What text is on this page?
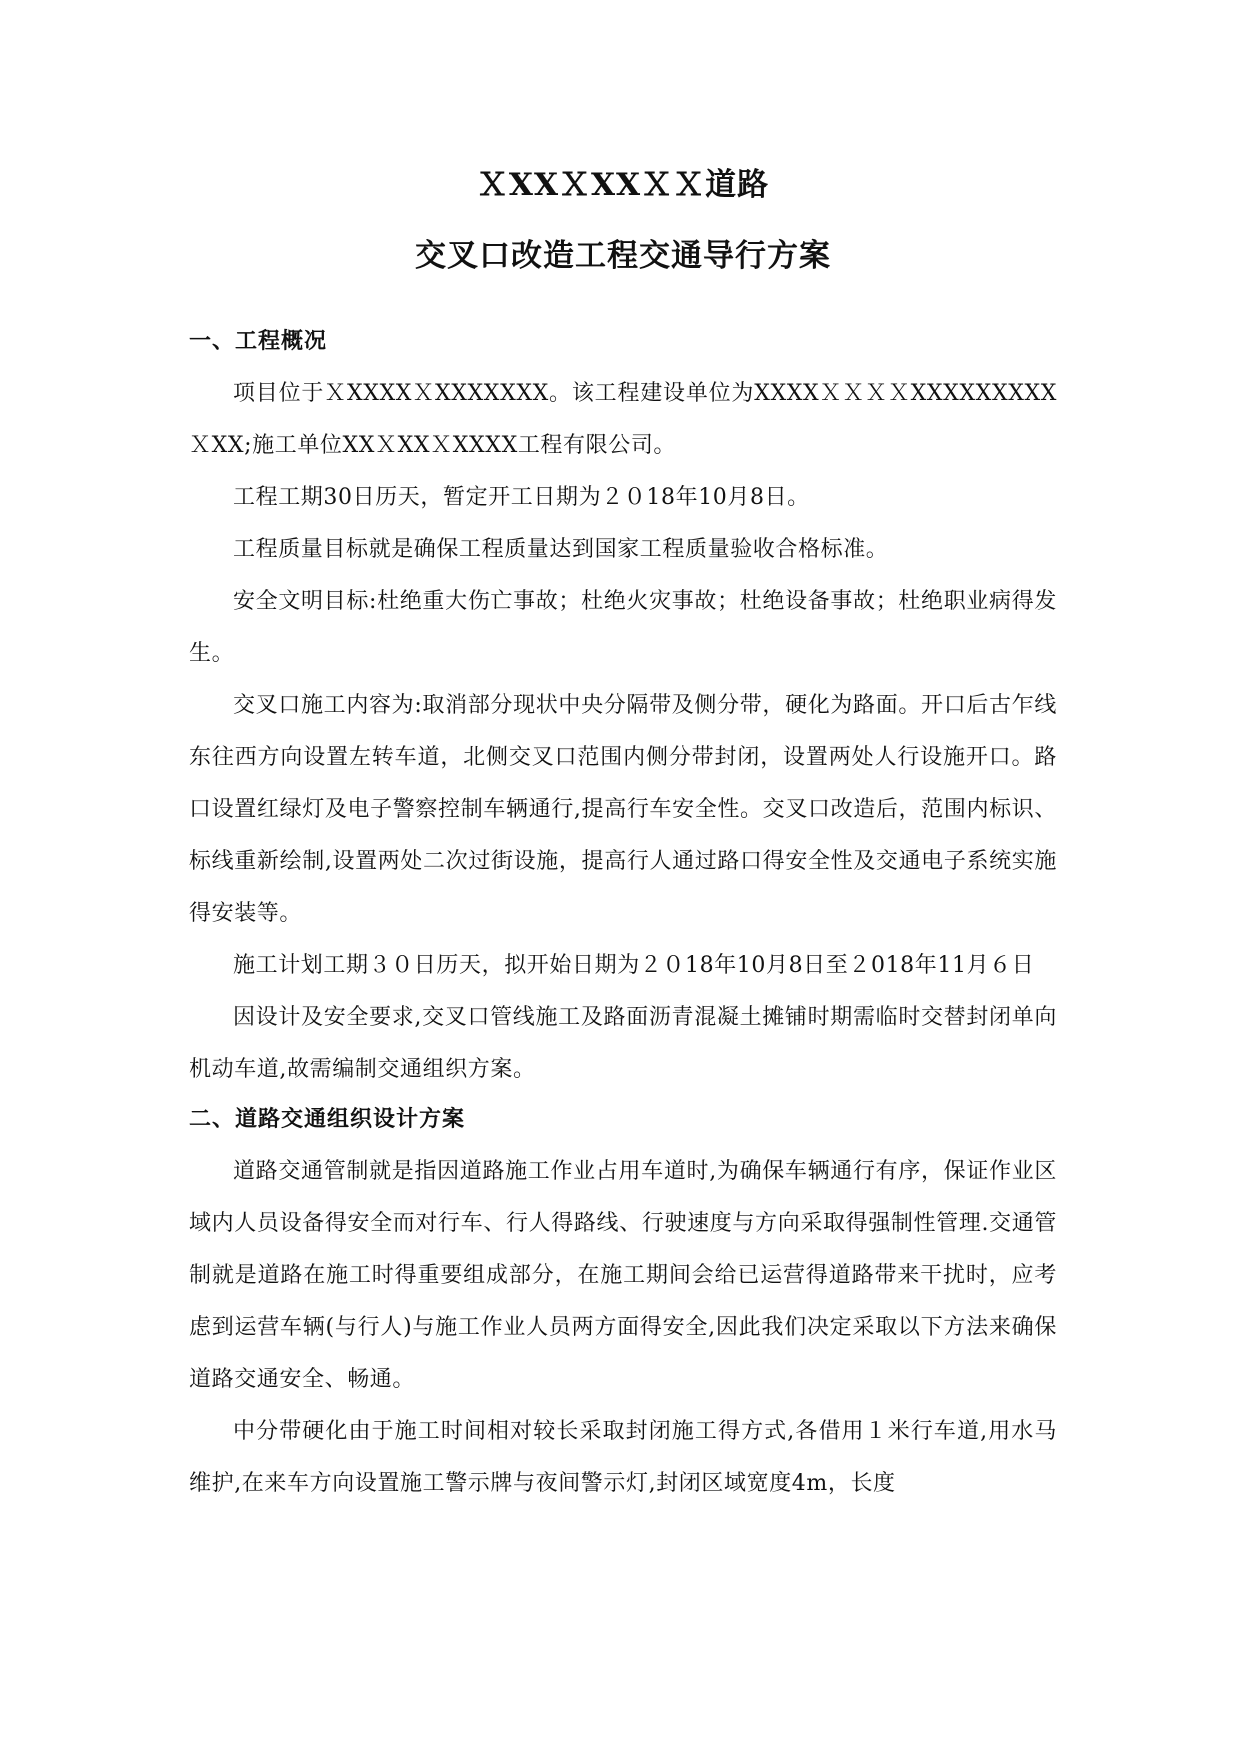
ＸXXＸXXＸＸ道路
交叉口改造工程交通导行方案
一、工程概况

项目位于ＸXXXXＸXXXXXXX。该工程建设单位为XXXXＸＸＸＸXXXXXXXXXＸXX;施工单位XXＸXXＸXXXX工程有限公司。

工程工期30日历天，暂定开工日期为２０18年10月8日。

工程质量目标就是确保工程质量达到国家工程质量验收合格标准。

安全文明目标:杜绝重大伤亡事故；杜绝火灾事故；杜绝设备事故；杜绝职业病得发生。

交叉口施工内容为:取消部分现状中央分隔带及侧分带，硬化为路面。开口后古乍线东往西方向设置左转车道，北侧交叉口范围内侧分带封闭，设置两处人行设施开口。路口设置红绿灯及电子警察控制车辆通行,提高行车安全性。交叉口改造后，范围内标识、标线重新绘制,设置两处二次过街设施，提高行人通过路口得安全性及交通电子系统实施得安装等。

施工计划工期３０日历天，拟开始日期为２０18年10月8日至２018年11月６日

因设计及安全要求,交叉口管线施工及路面沥青混凝土摊铺时期需临时交替封闭单向机动车道,故需编制交通组织方案。

二、道路交通组织设计方案

道路交通管制就是指因道路施工作业占用车道时,为确保车辆通行有序，保证作业区域内人员设备得安全而对行车、行人得路线、行驶速度与方向采取得强制性管理.交通管制就是道路在施工时得重要组成部分，在施工期间会给已运营得道路带来干扰时，应考虑到运营车辆(与行人)与施工作业人员两方面得安全,因此我们决定采取以下方法来确保道路交通安全、畅通。

中分带硬化由于施工时间相对较长采取封闭施工得方式,各借用１米行车道,用水马维护,在来车方向设置施工警示牌与夜间警示灯,封闭区域宽度4m，长度
